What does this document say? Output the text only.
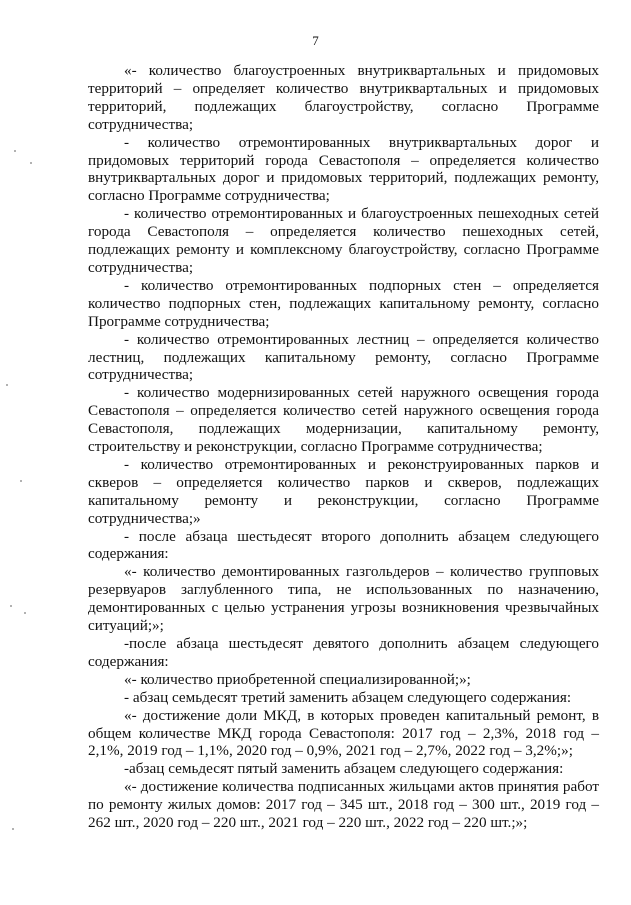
7

«- количество благоустроенных внутриквартальных и придомовых территорий – определяет количество внутриквартальных и придомовых территорий, подлежащих благоустройству, согласно Программе сотрудничества;

- количество отремонтированных внутриквартальных дорог и придомовых территорий города Севастополя – определяется количество внутриквартальных дорог и придомовых территорий, подлежащих ремонту, согласно Программе сотрудничества;

- количество отремонтированных и благоустроенных пешеходных сетей города Севастополя – определяется количество пешеходных сетей, подлежащих ремонту и комплексному благоустройству, согласно Программе сотрудничества;

- количество отремонтированных подпорных стен – определяется количество подпорных стен, подлежащих капитальному ремонту, согласно Программе сотрудничества;

- количество отремонтированных лестниц – определяется количество лестниц, подлежащих капитальному ремонту, согласно Программе сотрудничества;

- количество модернизированных сетей наружного освещения города Севастополя – определяется количество сетей наружного освещения города Севастополя, подлежащих модернизации, капитальному ремонту, строительству и реконструкции, согласно Программе сотрудничества;

- количество отремонтированных и реконструированных парков и скверов – определяется количество парков и скверов, подлежащих капитальному ремонту и реконструкции, согласно Программе сотрудничества;»

- после абзаца шестьдесят второго дополнить абзацем следующего содержания:

«- количество демонтированных газгольдеров – количество групповых резервуаров заглубленного типа, не использованных по назначению, демонтированных с целью устранения угрозы возникновения чрезвычайных ситуаций;»;

-после абзаца шестьдесят девятого дополнить абзацем следующего содержания:

«- количество приобретенной специализированной;»;

- абзац семьдесят третий заменить абзацем следующего содержания:

«- достижение доли МКД, в которых проведен капитальный ремонт, в общем количестве МКД города Севастополя: 2017 год – 2,3%, 2018 год – 2,1%, 2019 год – 1,1%, 2020 год – 0,9%, 2021 год – 2,7%, 2022 год – 3,2%;»;

-абзац семьдесят пятый заменить абзацем следующего содержания:

«- достижение количества подписанных жильцами актов принятия работ по ремонту жилых домов: 2017 год – 345 шт., 2018 год – 300 шт., 2019 год – 262 шт., 2020 год – 220 шт., 2021 год – 220 шт., 2022 год – 220 шт.;»;
